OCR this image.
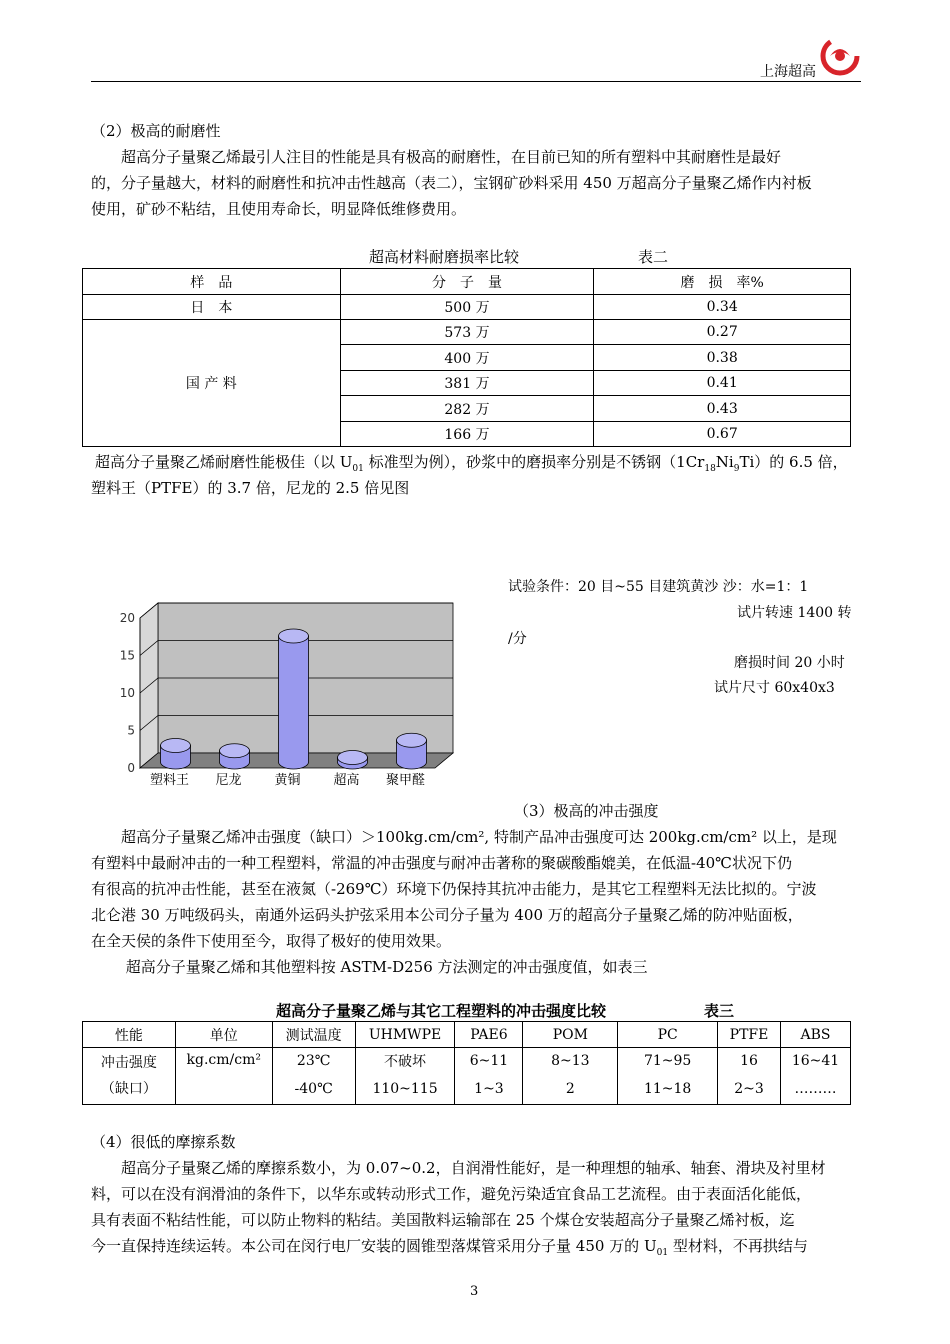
上海超高
（2）极高的耐磨性
　　超高分子量聚乙烯最引人注目的性能是具有极高的耐磨性，在目前已知的所有塑料中其耐磨性是最好
的，分子量越大，材料的耐磨性和抗冲击性越高（表二），宝钢矿砂料采用 450 万超高分子量聚乙烯作内衬板
使用，矿砂不粘结，且使用寿命长，明显降低维修费用。
超高材料耐磨损率比较	表二
样　品	分　子　量	磨　损　率%
日　本	500 万	0.34
国 产 料	573 万	0.27
	400 万	0.38
	381 万	0.41
	282 万	0.43
	166 万	0.67
超高分子量聚乙烯耐磨性能极佳（以 $U_{01}$ 标准型为例），砂浆中的磨损率分别是不锈钢$(1Cr_{18}Ni_9Ti)$的 6.5 倍，
塑料王（PTFE）的 3.7 倍，尼龙的 2.5 倍见图
0
5
10
15
20
塑料王 尼龙	黄铜	超高 聚甲醛
试验条件：20 目~55 目建筑黄沙 沙：水=1：1
试片转速 1400 转
/分
磨损时间 20 小时
试片尺寸 60x40x3
（3）极高的冲击强度
　　超高分子量聚乙烯冲击强度（缺口）＞100kg.cm/cm², 特制产品冲击强度可达 200kg.cm/cm² 以上，是现
有塑料中最耐冲击的一种工程塑料，常温的冲击强度与耐冲击著称的聚碳酸酯媲美，在低温-40℃状况下仍
有很高的抗冲击性能，甚至在液氮（-269℃）环境下仍保持其抗冲击能力，是其它工程塑料无法比拟的。宁波
北仑港 30 万吨级码头，南通外运码头护弦采用本公司分子量为 400 万的超高分子量聚乙烯的防冲贴面板，
在全天侯的条件下使用至今，取得了极好的使用效果。
　　 超高分子量聚乙烯和其他塑料按 ASTM-D256 方法测定的冲击强度值，如表三
超高分子量聚乙烯与其它工程塑料的冲击强度比较	表三
性能	单位	测试温度	UHMWPE	PAE6	POM	PC	PTFE	ABS

冲击强度
（缺口）	kg.cm/cm²	23℃	不破坏	6~11	8~13	71~95	16	16~41
		-40℃	110~115	1~3	2	11~18	2~3	………
（4）很低的摩擦系数
　　超高分子量聚乙烯的摩擦系数小，为 0.07~0.2，自润滑性能好，是一种理想的轴承、轴套、滑块及衬里材
料，可以在没有润滑油的条件下，以华东或转动形式工作，避免污染适宜食品工艺流程。由于表面活化能低，
具有表面不粘结性能，可以防止物料的粘结。美国散料运输部在 25 个煤仓安装超高分子量聚乙烯衬板，迄
今一直保持连续运转。本公司在闵行电厂安装的圆锥型落煤管采用分子量 450 万的 $U_{01}$ 型材料，不再拱结与
3
